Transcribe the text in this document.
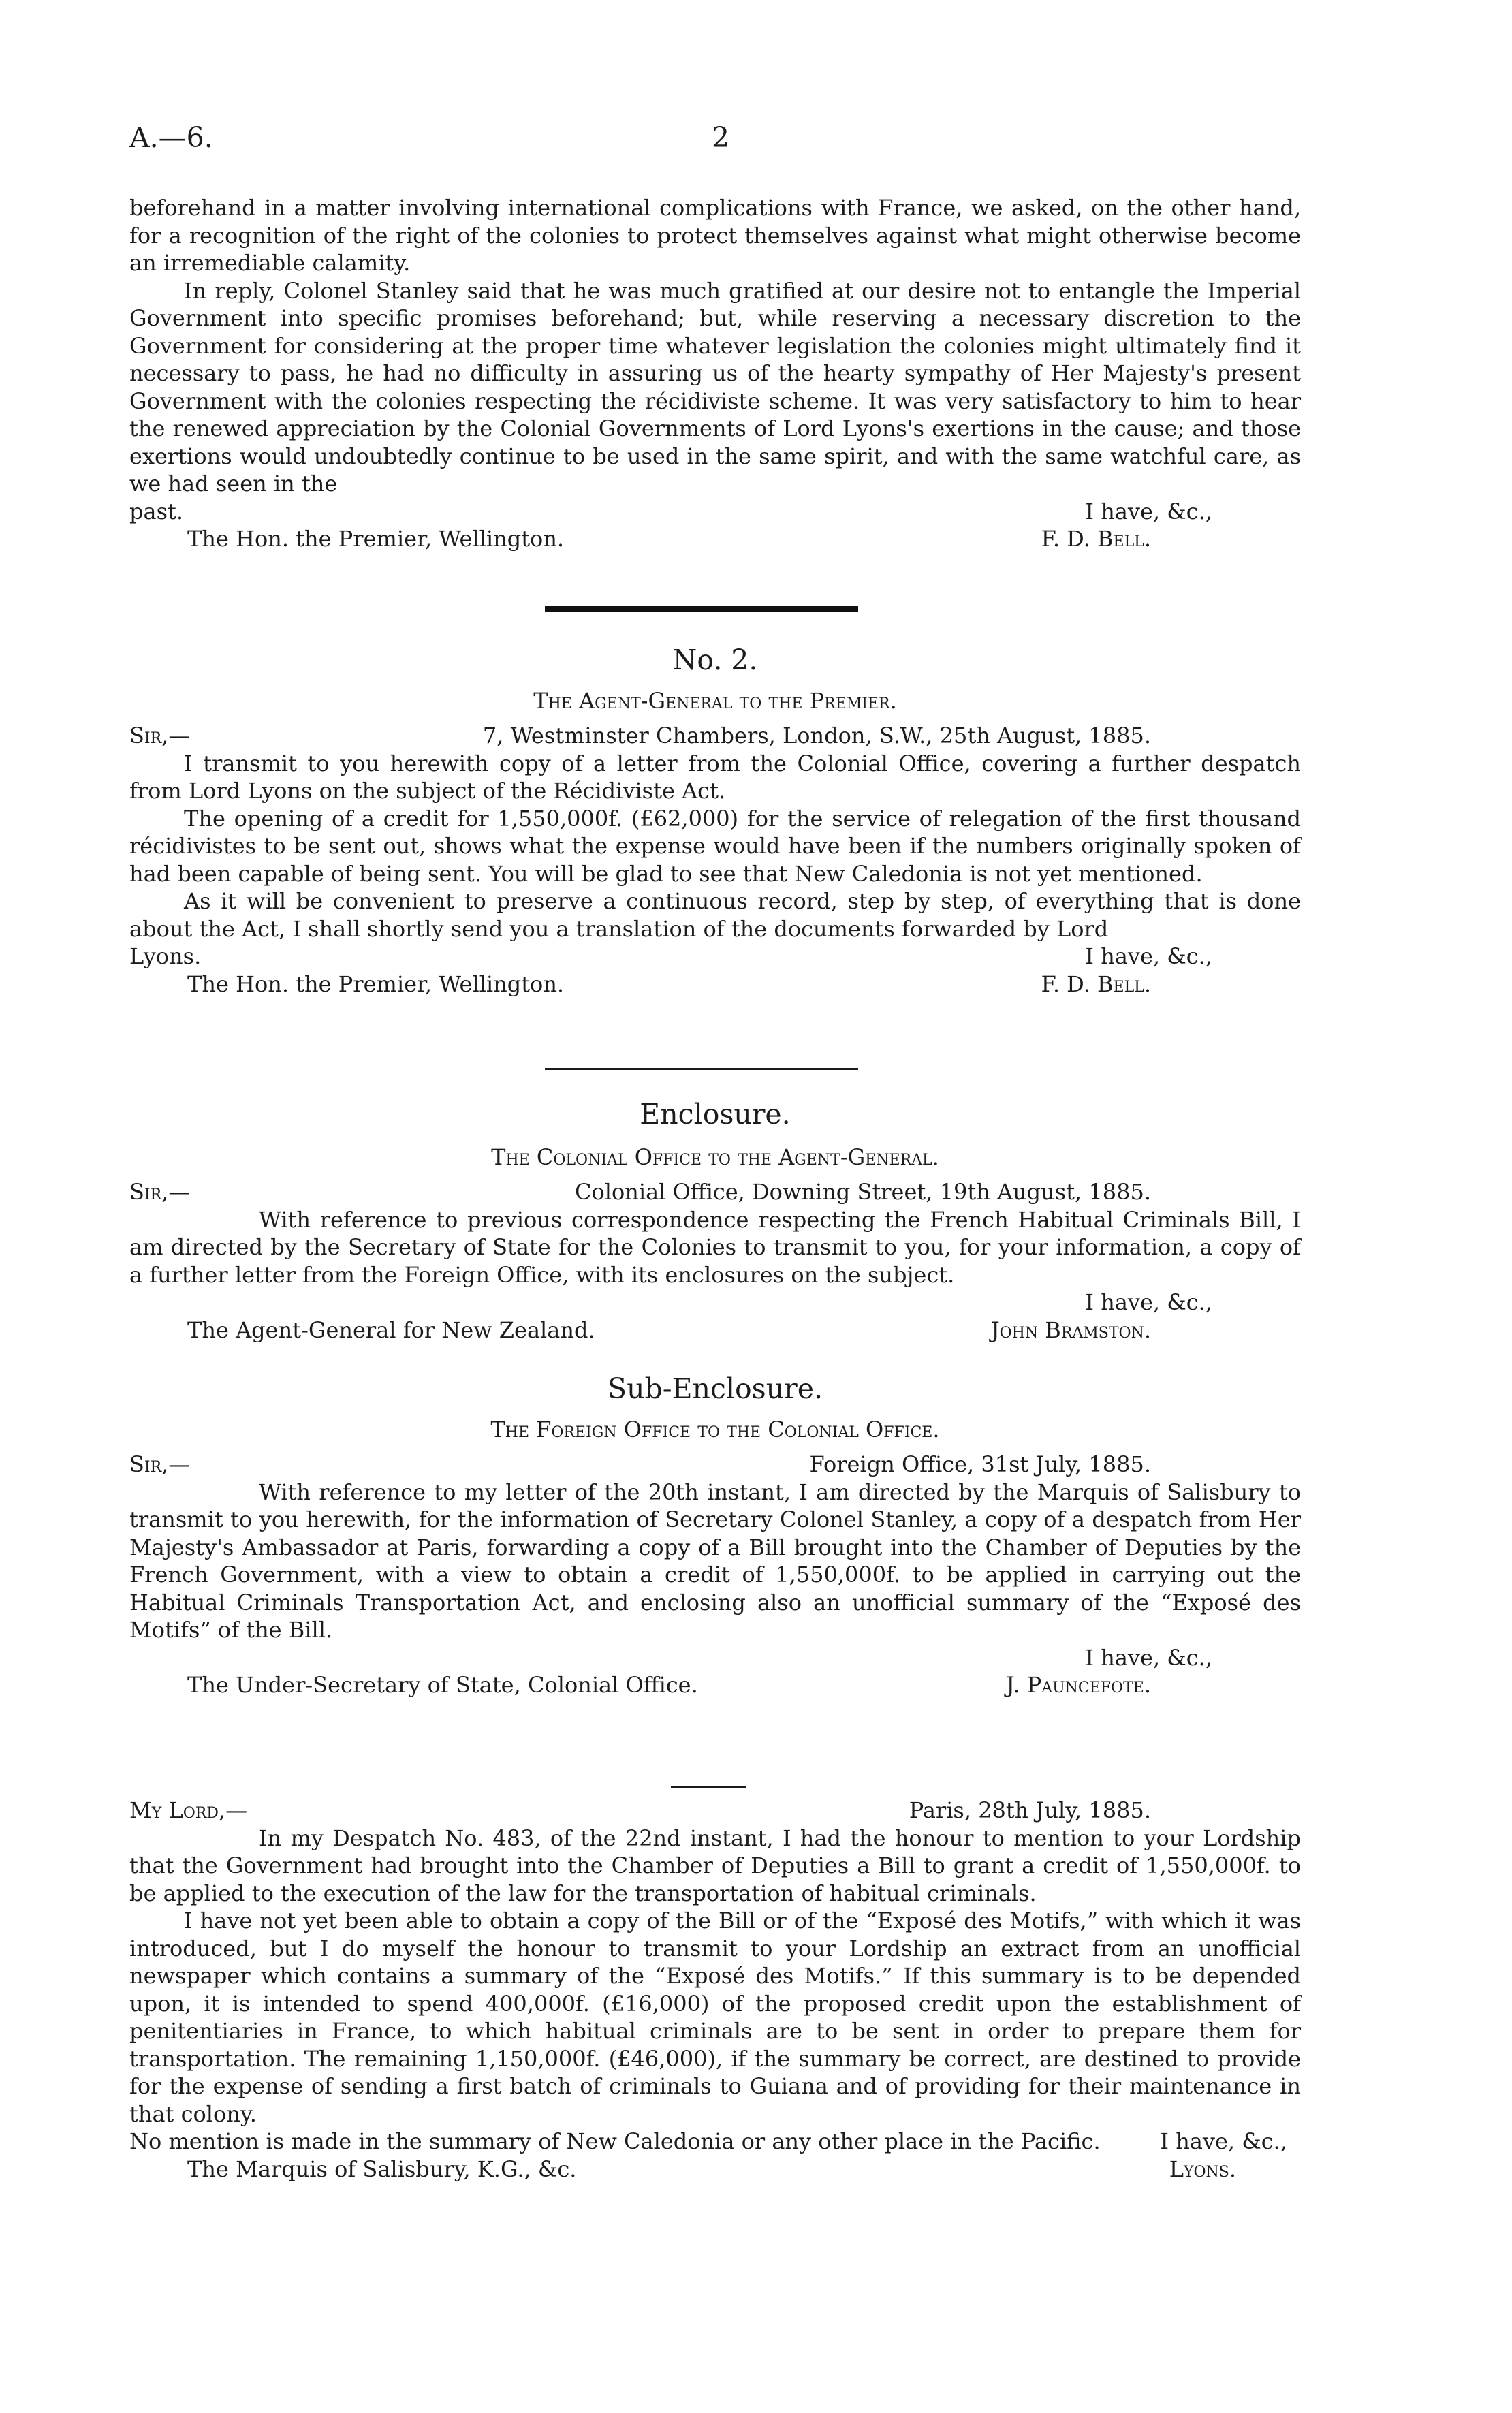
A.—6.	2

beforehand in a matter involving international complications with France, we asked, on the other hand, for a recognition of the right of the colonies to protect themselves against what might otherwise become an irremediable calamity.

In reply, Colonel Stanley said that he was much gratified at our desire not to entangle the Imperial Government into specific promises beforehand; but, while reserving a necessary discretion to the Government for considering at the proper time whatever legislation the colonies might ultimately find it necessary to pass, he had no difficulty in assuring us of the hearty sympathy of Her Majesty's present Government with the colonies respecting the récidiviste scheme. It was very satisfactory to him to hear the renewed appreciation by the Colonial Governments of Lord Lyons's exertions in the cause; and those exertions would undoubtedly continue to be used in the same spirit, and with the same watchful care, as we had seen in the

past.	I have, &c.,
The Hon. the Premier, Wellington.	F. D. Bell.
No. 2.
The Agent-General to the Premier.
Sir,—	7, Westminster Chambers, London, S.W., 25th August, 1885.

I transmit to you herewith copy of a letter from the Colonial Office, covering a further despatch from Lord Lyons on the subject of the Récidiviste Act.

The opening of a credit for 1,550,000f. (£62,000) for the service of relegation of the first thousand récidivistes to be sent out, shows what the expense would have been if the numbers originally spoken of had been capable of being sent. You will be glad to see that New Caledonia is not yet mentioned.

As it will be convenient to preserve a continuous record, step by step, of everything that is done about the Act, I shall shortly send you a translation of the documents forwarded by Lord

Lyons.	I have, &c.,
The Hon. the Premier, Wellington.	F. D. Bell.
Enclosure.
The Colonial Office to the Agent-General.
Sir,—	Colonial Office, Downing Street, 19th August, 1885.

With reference to previous correspondence respecting the French Habitual Criminals Bill, I am directed by the Secretary of State for the Colonies to transmit to you, for your information, a copy of a further letter from the Foreign Office, with its enclosures on the subject.

I have, &c.,
The Agent-General for New Zealand.	John Bramston.
Sub-Enclosure.
The Foreign Office to the Colonial Office.
Sir,—	Foreign Office, 31st July, 1885.

With reference to my letter of the 20th instant, I am directed by the Marquis of Salisbury to transmit to you herewith, for the information of Secretary Colonel Stanley, a copy of a despatch from Her Majesty's Ambassador at Paris, forwarding a copy of a Bill brought into the Chamber of Deputies by the French Government, with a view to obtain a credit of 1,550,000f. to be applied in carrying out the Habitual Criminals Transportation Act, and enclosing also an unofficial summary of the “Exposé des Motifs” of the Bill.

I have, &c.,
The Under-Secretary of State, Colonial Office.	J. Pauncefote.
My Lord,—	Paris, 28th July, 1885.

In my Despatch No. 483, of the 22nd instant, I had the honour to mention to your Lordship that the Government had brought into the Chamber of Deputies a Bill to grant a credit of 1,550,000f. to be applied to the execution of the law for the transportation of habitual criminals.

I have not yet been able to obtain a copy of the Bill or of the “Exposé des Motifs,” with which it was introduced, but I do myself the honour to transmit to your Lordship an extract from an unofficial newspaper which contains a summary of the “Exposé des Motifs.” If this summary is to be depended upon, it is intended to spend 400,000f. (£16,000) of the proposed credit upon the establishment of penitentiaries in France, to which habitual criminals are to be sent in order to prepare them for transportation. The remaining 1,150,000f. (£46,000), if the summary be correct, are destined to provide for the expense of sending a first batch of criminals to Guiana and of providing for their maintenance in that colony.

No mention is made in the summary of New Caledonia or any other place in the Pacific.	I have, &c.,
The Marquis of Salisbury, K.G., &c.	Lyons.
